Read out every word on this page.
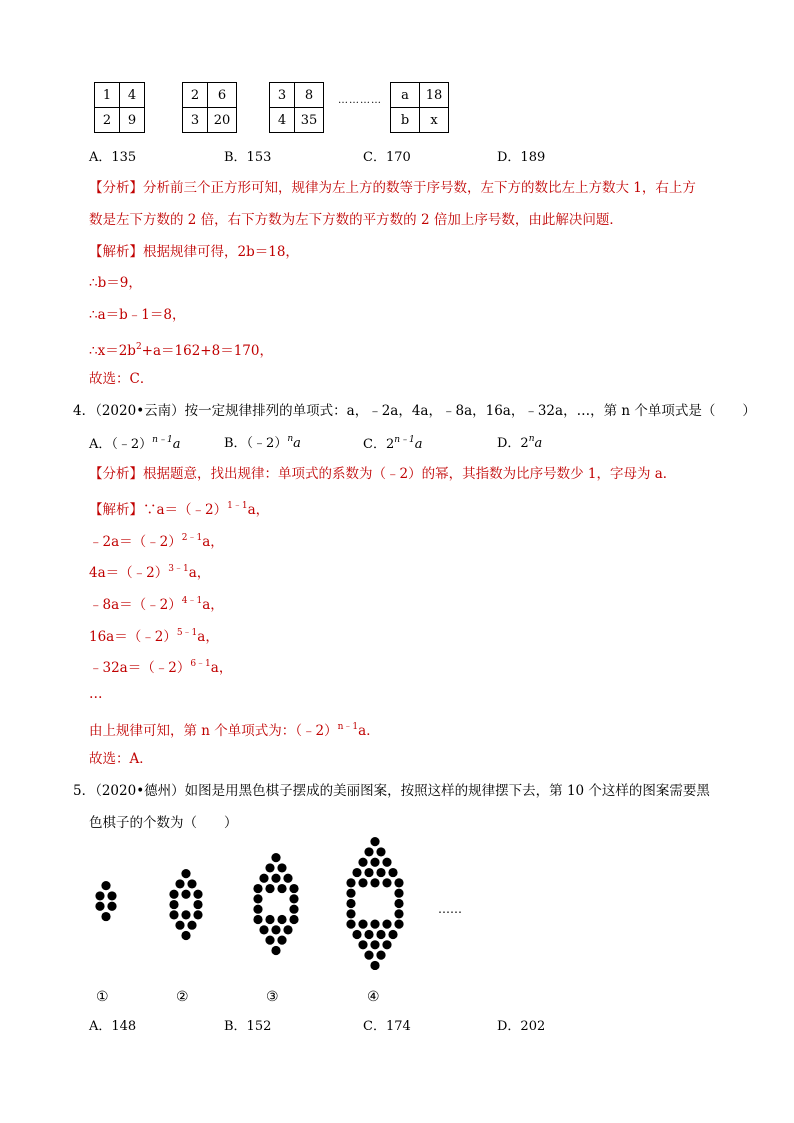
1	4
2	9
2	6
3	20
3	8
4	35
………… a	18
b	x
A．135	B．153	C．170	D．189
【分析】分析前三个正方形可知，规律为左上方的数等于序号数，左下方的数比左上方数大 1，右上方
数是左下方数的 2 倍，右下方数为左下方数的平方数的 2 倍加上序号数，由此解决问题．
【解析】根据规律可得，2b＝18，
∴b＝9，
∴a＝b﹣1＝8，
$\therefore x=2b^2+a=162+8=170$，
故选：C．
4．（2020•云南）按一定规律排列的单项式：a，﹣2a，4a，﹣8a，16a，﹣32a，…，第 n 个单项式是（　　）
A．（﹣2）$^{n﹣1}$a	B．（﹣2）$^n$a	C．$2^{n﹣1}a$	D．2$^n$a
【分析】根据题意，找出规律：单项式的系数为（﹣2）的幂，其指数为比序号数少 1，字母为 a．
【解析】∵a＝（﹣2）$^{1﹣1}$a，
﹣2a＝（﹣2）$^{2﹣1}$a，
4a＝（﹣2）$^{3﹣1}$a，
﹣8a＝（﹣2）$^{4﹣1}$a，
16a＝（﹣2）$^{5﹣1}$a，
﹣32a＝（﹣2）$^{6﹣1}$a，
…
由上规律可知，第 n 个单项式为：（﹣2）$^{n﹣1}$a．
故选：A．
5．（2020•德州）如图是用黑色棋子摆成的美丽图案，按照这样的规律摆下去，第 10 个这样的图案需要黑
色棋子的个数为（　　）
……
①	②	③	④
A．148	B．152	C．174	D．202
